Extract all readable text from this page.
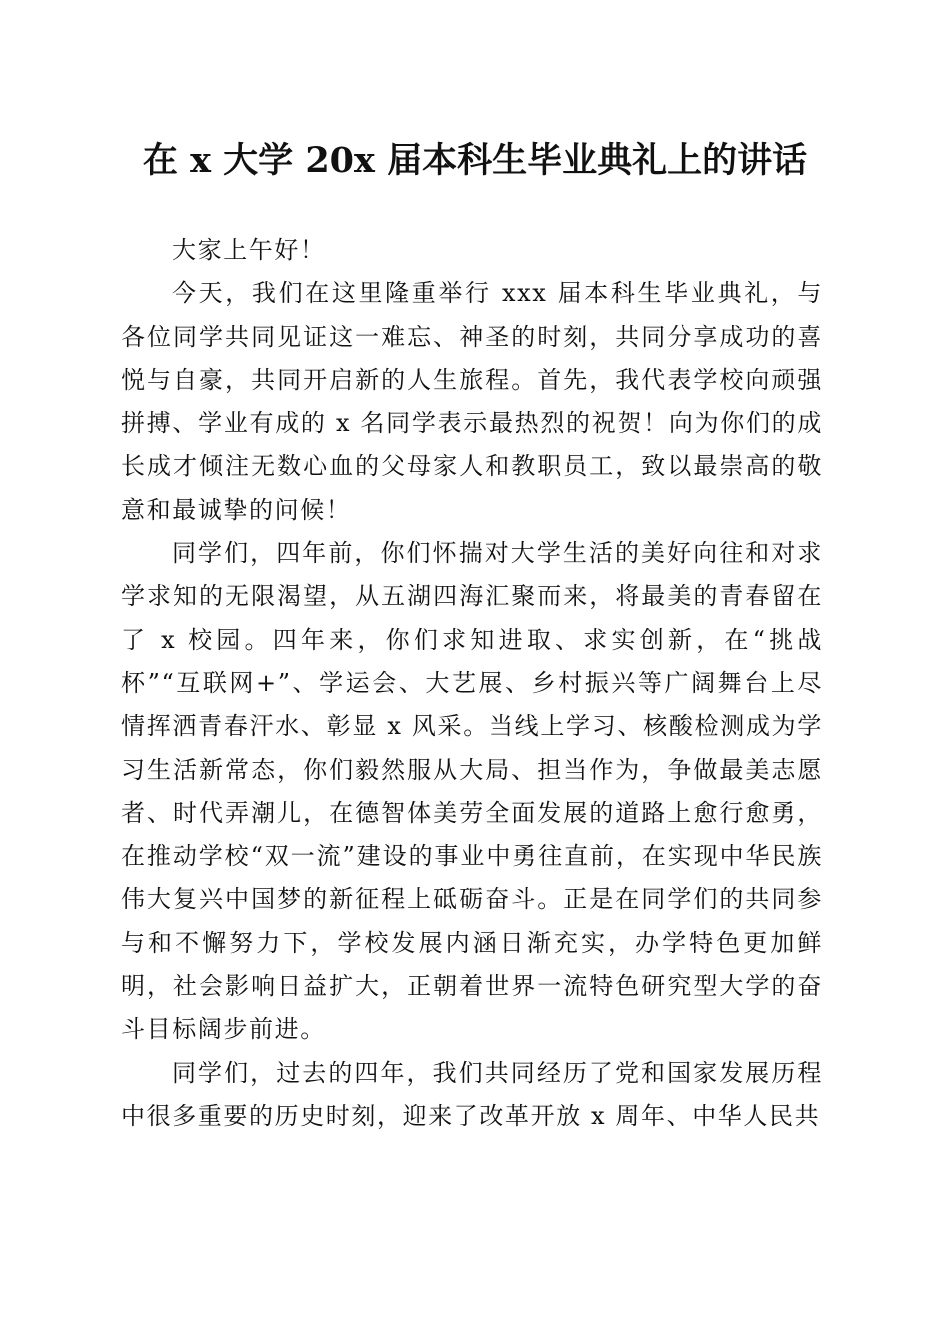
在 x 大学 20x 届本科生毕业典礼上的讲话

大家上午好！

今天，我们在这里隆重举行 xxx 届本科生毕业典礼，与各位同学共同见证这一难忘、神圣的时刻，共同分享成功的喜悦与自豪，共同开启新的人生旅程。首先，我代表学校向顽强拼搏、学业有成的 x 名同学表示最热烈的祝贺！向为你们的成长成才倾注无数心血的父母家人和教职员工，致以最崇高的敬意和最诚挚的问候！

同学们，四年前，你们怀揣对大学生活的美好向往和对求学求知的无限渴望，从五湖四海汇聚而来，将最美的青春留在了 x 校园。四年来，你们求知进取、求实创新，在“挑战杯”“互联网+”、学运会、大艺展、乡村振兴等广阔舞台上尽情挥洒青春汗水、彰显 x 风采。当线上学习、核酸检测成为学习生活新常态，你们毅然服从大局、担当作为，争做最美志愿者、时代弄潮儿，在德智体美劳全面发展的道路上愈行愈勇，在推动学校“双一流”建设的事业中勇往直前，在实现中华民族伟大复兴中国梦的新征程上砥砺奋斗。正是在同学们的共同参与和不懈努力下，学校发展内涵日渐充实，办学特色更加鲜明，社会影响日益扩大，正朝着世界一流特色研究型大学的奋斗目标阔步前进。

同学们，过去的四年，我们共同经历了党和国家发展历程中很多重要的历史时刻，迎来了改革开放 x 周年、中华人民共
